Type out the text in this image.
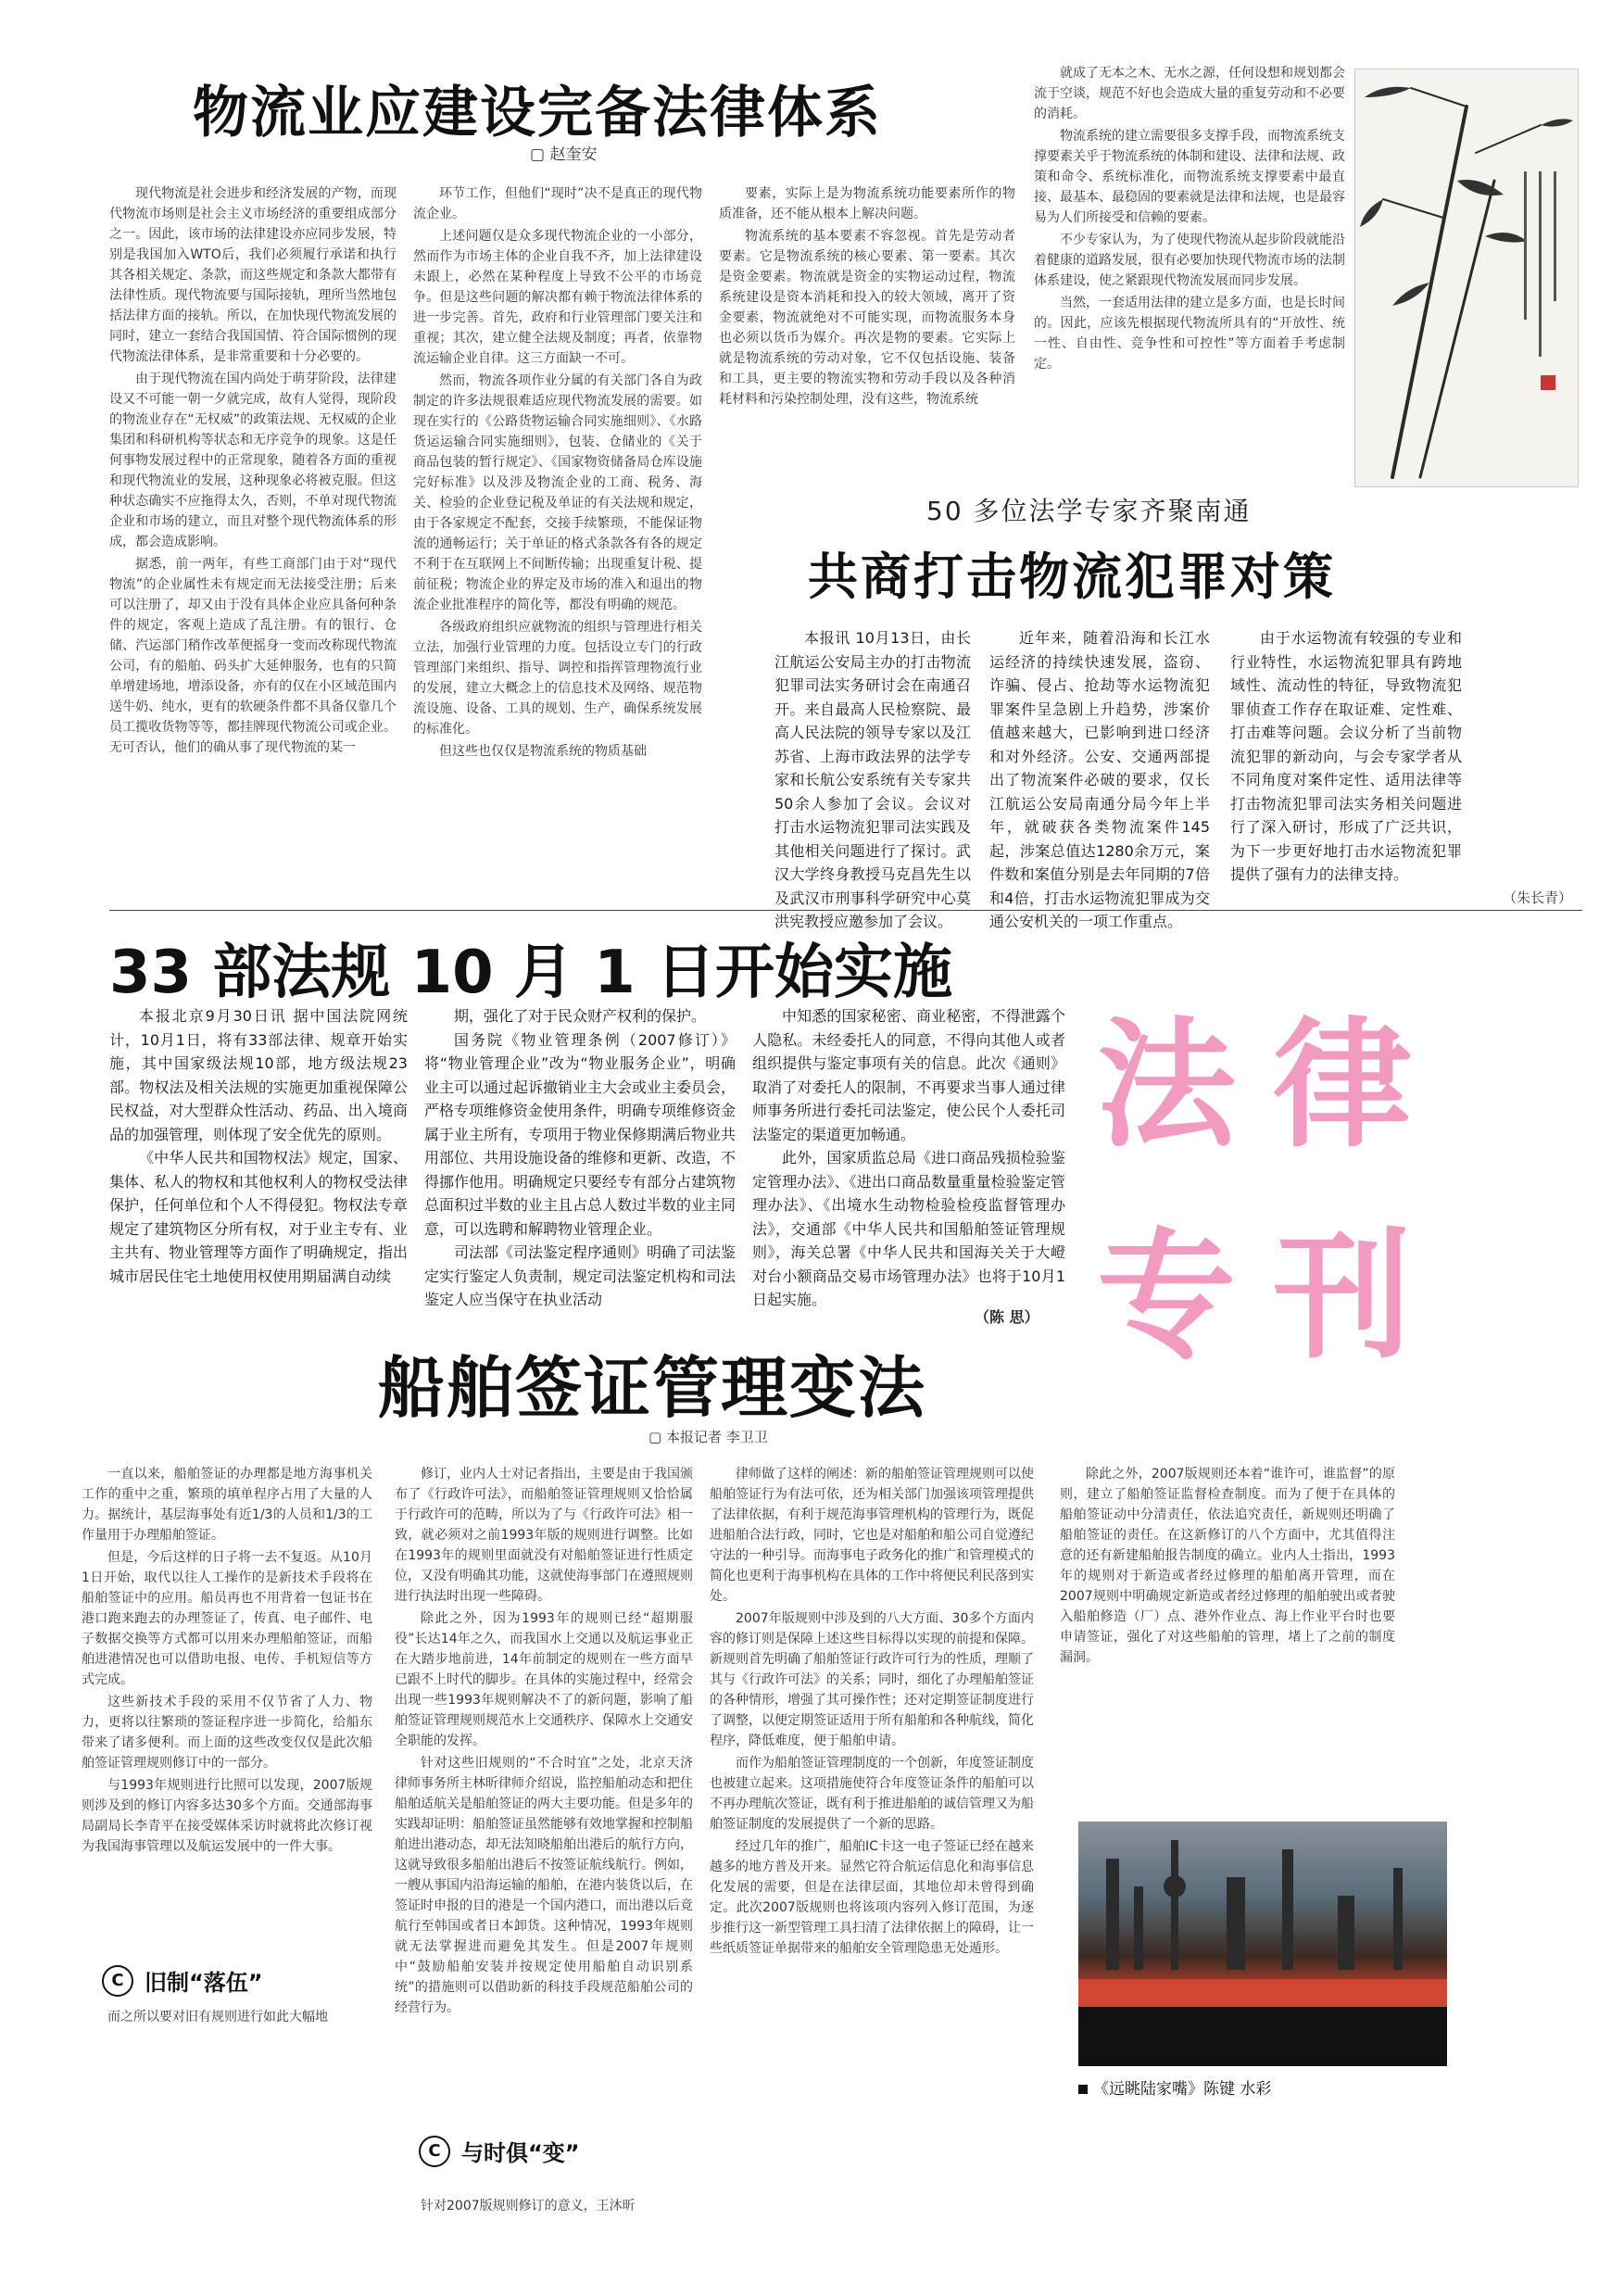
物流业应建设完备法律体系
▢ 赵奎安

现代物流是社会进步和经济发展的产物，而现代物流市场则是社会主义市场经济的重要组成部分之一。因此，该市场的法律建设亦应同步发展，特别是我国加入WTO后，我们必须履行承诺和执行其各相关规定、条款，而这些规定和条款大都带有法律性质。现代物流要与国际接轨，理所当然地包括法律方面的接轨。所以，在加快现代物流发展的同时，建立一套结合我国国情、符合国际惯例的现代物流法律体系，是非常重要和十分必要的。

由于现代物流在国内尚处于萌芽阶段，法律建设又不可能一朝一夕就完成，故有人觉得，现阶段的物流业存在“无权威”的政策法规、无权威的企业集团和科研机构等状态和无序竞争的现象。这是任何事物发展过程中的正常现象，随着各方面的重视和现代物流业的发展，这种现象必将被克服。但这种状态确实不应拖得太久，否则，不单对现代物流企业和市场的建立，而且对整个现代物流体系的形成，都会造成影响。

据悉，前一两年，有些工商部门由于对“现代物流”的企业属性未有规定而无法接受注册；后来可以注册了，却又由于没有具体企业应具备何种条件的规定，客观上造成了乱注册。有的银行、仓储、汽运部门稍作改革便摇身一变而改称现代物流公司，有的船舶、码头扩大延伸服务，也有的只简单增建场地，增添设备，亦有的仅在小区域范围内送牛奶、纯水，更有的软硬条件都不具备仅靠几个员工揽收货物等等，都挂牌现代物流公司或企业。无可否认，他们的确从事了现代物流的某一

环节工作，但他们“现时”决不是真正的现代物流企业。

上述问题仅是众多现代物流企业的一小部分，然而作为市场主体的企业自我不齐，加上法律建设未跟上，必然在某种程度上导致不公平的市场竞争。但是这些问题的解决都有赖于物流法律体系的进一步完善。首先，政府和行业管理部门要关注和重视；其次，建立健全法规及制度；再者，依靠物流运输企业自律。这三方面缺一不可。

然而，物流各项作业分属的有关部门各自为政制定的许多法规很难适应现代物流发展的需要。如现在实行的《公路货物运输合同实施细则》、《水路货运运输合同实施细则》，包装、仓储业的《关于商品包装的暂行规定》、《国家物资储备局仓库设施完好标准》以及涉及物流企业的工商、税务、海关、检验的企业登记税及单证的有关法规和规定，由于各家规定不配套，交接手续繁琐，不能保证物流的通畅运行；关于单证的格式条款各有各的规定不利于在互联网上不间断传输；出现重复计税、提前征税；物流企业的界定及市场的准入和退出的物流企业批准程序的简化等，都没有明确的规范。

各级政府组织应就物流的组织与管理进行相关立法，加强行业管理的力度。包括设立专门的行政管理部门来组织、指导、调控和指挥管理物流行业的发展，建立大概念上的信息技术及网络、规范物流设施、设备、工具的规划、生产，确保系统发展的标准化。

但这些也仅仅是物流系统的物质基础

要素，实际上是为物流系统功能要素所作的物质准备，还不能从根本上解决问题。

物流系统的基本要素不容忽视。首先是劳动者要素。它是物流系统的核心要素、第一要素。其次是资金要素。物流就是资金的实物运动过程，物流系统建设是资本消耗和投入的较大领域，离开了资金要素，物流就绝对不可能实现，而物流服务本身也必须以货币为媒介。再次是物的要素。它实际上就是物流系统的劳动对象，它不仅包括设施、装备和工具，更主要的物流实物和劳动手段以及各种消耗材料和污染控制处理，没有这些，物流系统

就成了无本之木、无水之源，任何设想和规划都会流于空谈，规范不好也会造成大量的重复劳动和不必要的消耗。

物流系统的建立需要很多支撑手段，而物流系统支撑要素关乎于物流系统的体制和建设、法律和法规、政策和命令、系统标准化，而物流系统支撑要素中最直接、最基本、最稳固的要素就是法律和法规，也是最容易为人们所接受和信赖的要素。

不少专家认为，为了使现代物流从起步阶段就能沿着健康的道路发展，很有必要加快现代物流市场的法制体系建设，使之紧跟现代物流发展而同步发展。

当然，一套适用法律的建立是多方面，也是长时间的。因此，应该先根据现代物流所具有的“开放性、统一性、自由性、竞争性和可控性”等方面着手考虑制定。

50 多位法学专家齐聚南通
共商打击物流犯罪对策

本报讯 10月13日，由长江航运公安局主办的打击物流犯罪司法实务研讨会在南通召开。来自最高人民检察院、最高人民法院的领导专家以及江苏省、上海市政法界的法学专家和长航公安系统有关专家共50余人参加了会议。会议对打击水运物流犯罪司法实践及其他相关问题进行了探讨。武汉大学终身教授马克昌先生以及武汉市刑事科学研究中心莫洪宪教授应邀参加了会议。

近年来，随着沿海和长江水运经济的持续快速发展，盗窃、诈骗、侵占、抢劫等水运物流犯罪案件呈急剧上升趋势，涉案价值越来越大，已影响到进口经济和对外经济。公安、交通两部提出了物流案件必破的要求，仅长江航运公安局南通分局今年上半年，就破获各类物流案件145起，涉案总值达1280余万元，案件数和案值分别是去年同期的7倍和4倍，打击水运物流犯罪成为交通公安机关的一项工作重点。

由于水运物流有较强的专业和行业特性，水运物流犯罪具有跨地域性、流动性的特征，导致物流犯罪侦查工作存在取证难、定性难、打击难等问题。会议分析了当前物流犯罪的新动向，与会专家学者从不同角度对案件定性、适用法律等打击物流犯罪司法实务相关问题进行了深入研讨，形成了广泛共识，为下一步更好地打击水运物流犯罪提供了强有力的法律支持。

（朱长青）
33 部法规 10 月 1 日开始实施

本报北京9月30日讯 据中国法院网统计，10月1日，将有33部法律、规章开始实施，其中国家级法规10部，地方级法规23部。物权法及相关法规的实施更加重视保障公民权益，对大型群众性活动、药品、出入境商品的加强管理，则体现了安全优先的原则。

《中华人民共和国物权法》规定，国家、集体、私人的物权和其他权利人的物权受法律保护，任何单位和个人不得侵犯。物权法专章规定了建筑物区分所有权，对于业主专有、业主共有、物业管理等方面作了明确规定，指出城市居民住宅土地使用权使用期届满自动续

期，强化了对于民众财产权利的保护。

国务院《物业管理条例（2007修订）》将“物业管理企业”改为“物业服务企业”，明确业主可以通过起诉撤销业主大会或业主委员会，严格专项维修资金使用条件，明确专项维修资金属于业主所有，专项用于物业保修期满后物业共用部位、共用设施设备的维修和更新、改造，不得挪作他用。明确规定只要经专有部分占建筑物总面积过半数的业主且占总人数过半数的业主同意，可以选聘和解聘物业管理企业。

司法部《司法鉴定程序通则》明确了司法鉴定实行鉴定人负责制，规定司法鉴定机构和司法鉴定人应当保守在执业活动

中知悉的国家秘密、商业秘密，不得泄露个人隐私。未经委托人的同意，不得向其他人或者组织提供与鉴定事项有关的信息。此次《通则》取消了对委托人的限制，不再要求当事人通过律师事务所进行委托司法鉴定，使公民个人委托司法鉴定的渠道更加畅通。

此外，国家质监总局《进口商品残损检验鉴定管理办法》、《进出口商品数量重量检验鉴定管理办法》、《出境水生动物检验检疫监督管理办法》，交通部《中华人民共和国船舶签证管理规则》，海关总署《中华人民共和国海关关于大嶝对台小额商品交易市场管理办法》也将于10月1日起实施。

（陈 思）
法律
专刊
船舶签证管理变法
▢ 本报记者 李卫卫

一直以来，船舶签证的办理都是地方海事机关工作的重中之重，繁琐的填单程序占用了大量的人力。据统计，基层海事处有近1/3的人员和1/3的工作量用于办理船舶签证。

但是，今后这样的日子将一去不复返。从10月1日开始，取代以往人工操作的是新技术手段将在船舶签证中的应用。船员再也不用背着一包证书在港口跑来跑去的办理签证了，传真、电子邮件、电子数据交换等方式都可以用来办理船舶签证，而船舶进港情况也可以借助电报、电传、手机短信等方式完成。

这些新技术手段的采用不仅节省了人力、物力，更将以往繁琐的签证程序进一步简化，给船东带来了诸多便利。而上面的这些改变仅仅是此次船舶签证管理规则修订中的一部分。

与1993年规则进行比照可以发现，2007版规则涉及到的修订内容多达30多个方面。交通部海事局副局长李青平在接受媒体采访时就将此次修订视为我国海事管理以及航运发展中的一件大事。

C 旧制“落伍”

而之所以要对旧有规则进行如此大幅地

修订，业内人士对记者指出，主要是由于我国颁布了《行政许可法》，而船舶签证管理规则又恰恰属于行政许可的范畴，所以为了与《行政许可法》相一致，就必须对之前1993年版的规则进行调整。比如在1993年的规则里面就没有对船舶签证进行性质定位，又没有明确其功能，这就使海事部门在遵照规则进行执法时出现一些障碍。

除此之外，因为1993年的规则已经“超期服役”长达14年之久，而我国水上交通以及航运事业正在大踏步地前进，14年前制定的规则在一些方面早已跟不上时代的脚步。在具体的实施过程中，经常会出现一些1993年规则解决不了的新问题，影响了船舶签证管理规则规范水上交通秩序、保障水上交通安全职能的发挥。

针对这些旧规则的“不合时宜”之处，北京天济律师事务所主林昕律师介绍说，监控船舶动态和把住船舶适航关是船舶签证的两大主要功能。但是多年的实践却证明：船舶签证虽然能够有效地掌握和控制船舶进出港动态，却无法知晓船舶出港后的航行方向，这就导致很多船舶出港后不按签证航线航行。例如，一艘从事国内沿海运输的船舶，在港内装货以后，在签证时申报的目的港是一个国内港口，而出港以后竟航行至韩国或者日本卸货。这种情况，1993年规则就无法掌握进而避免其发生。但是2007年规则中“鼓励船舶安装并按规定使用船舶自动识别系统”的措施则可以借助新的科技手段规范船舶公司的经营行为。

C 与时俱“变”

针对2007版规则修订的意义，王沐昕

律师做了这样的阐述：新的船舶签证管理规则可以使船舶签证行为有法可依，还为相关部门加强该项管理提供了法律依据，有利于规范海事管理机构的管理行为，既促进船舶合法行政，同时，它也是对船舶和船公司自觉遵纪守法的一种引导。而海事电子政务化的推广和管理模式的简化也更利于海事机构在具体的工作中将便民利民落到实处。

2007年版规则中涉及到的八大方面、30多个方面内容的修订则是保障上述这些目标得以实现的前提和保障。新规则首先明确了船舶签证行政许可行为的性质，理顺了其与《行政许可法》的关系；同时，细化了办理船舶签证的各种情形，增强了其可操作性；还对定期签证制度进行了调整，以便定期签证适用于所有船舶和各种航线，简化程序，降低难度，便于船舶申请。

而作为船舶签证管理制度的一个创新，年度签证制度也被建立起来。这项措施使符合年度签证条件的船舶可以不再办理航次签证，既有利于推进船舶的诚信管理又为船舶签证制度的发展提供了一个新的思路。

经过几年的推广，船舶IC卡这一电子签证已经在越来越多的地方普及开来。显然它符合航运信息化和海事信息化发展的需要，但是在法律层面，其地位却未曾得到确定。此次2007版规则也将该项内容列入修订范围，为逐步推行这一新型管理工具扫清了法律依据上的障碍，让一些纸质签证单据带来的船舶安全管理隐患无处遁形。

除此之外，2007版规则还本着“谁许可，谁监督”的原则，建立了船舶签证监督检查制度。而为了便于在具体的船舶签证动中分清责任，依法追究责任，新规则还明确了船舶签证的责任。在这新修订的八个方面中，尤其值得注意的还有新建船舶报告制度的确立。业内人士指出，1993年的规则对于新造或者经过修理的船舶离开管理，而在2007规则中明确规定新造或者经过修理的船舶驶出或者驶入船舶修造（厂）点、港外作业点、海上作业平台时也要申请签证，强化了对这些船舶的管理，堵上了之前的制度漏洞。

《远眺陆家嘴》陈键 水彩
